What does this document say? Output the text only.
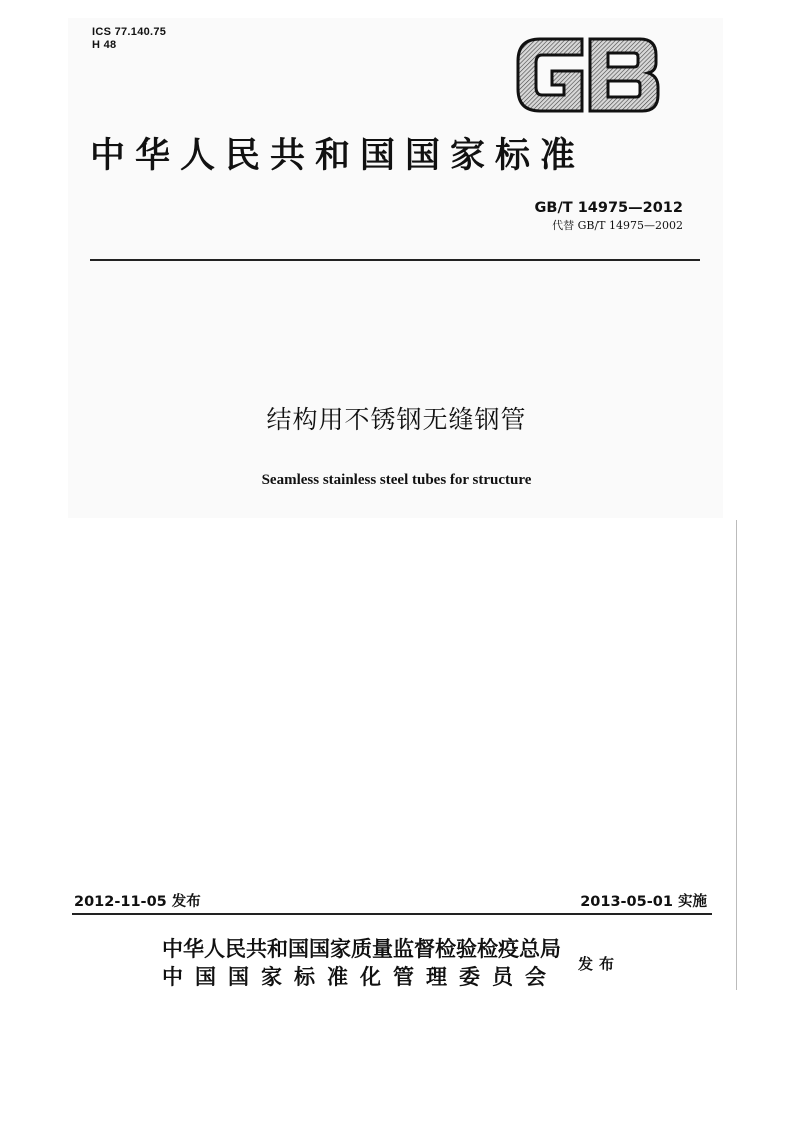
ICS 77.140.75
H 48
中华人民共和国国家标准
GB/T 14975—2012
代替 GB/T 14975—2002
结构用不锈钢无缝钢管
Seamless stainless steel tubes for structure
2012-11-05 发布	2013-05-01 实施
中华人民共和国国家质量监督检验检疫总局
中国国家标准化管理委员会 发布
